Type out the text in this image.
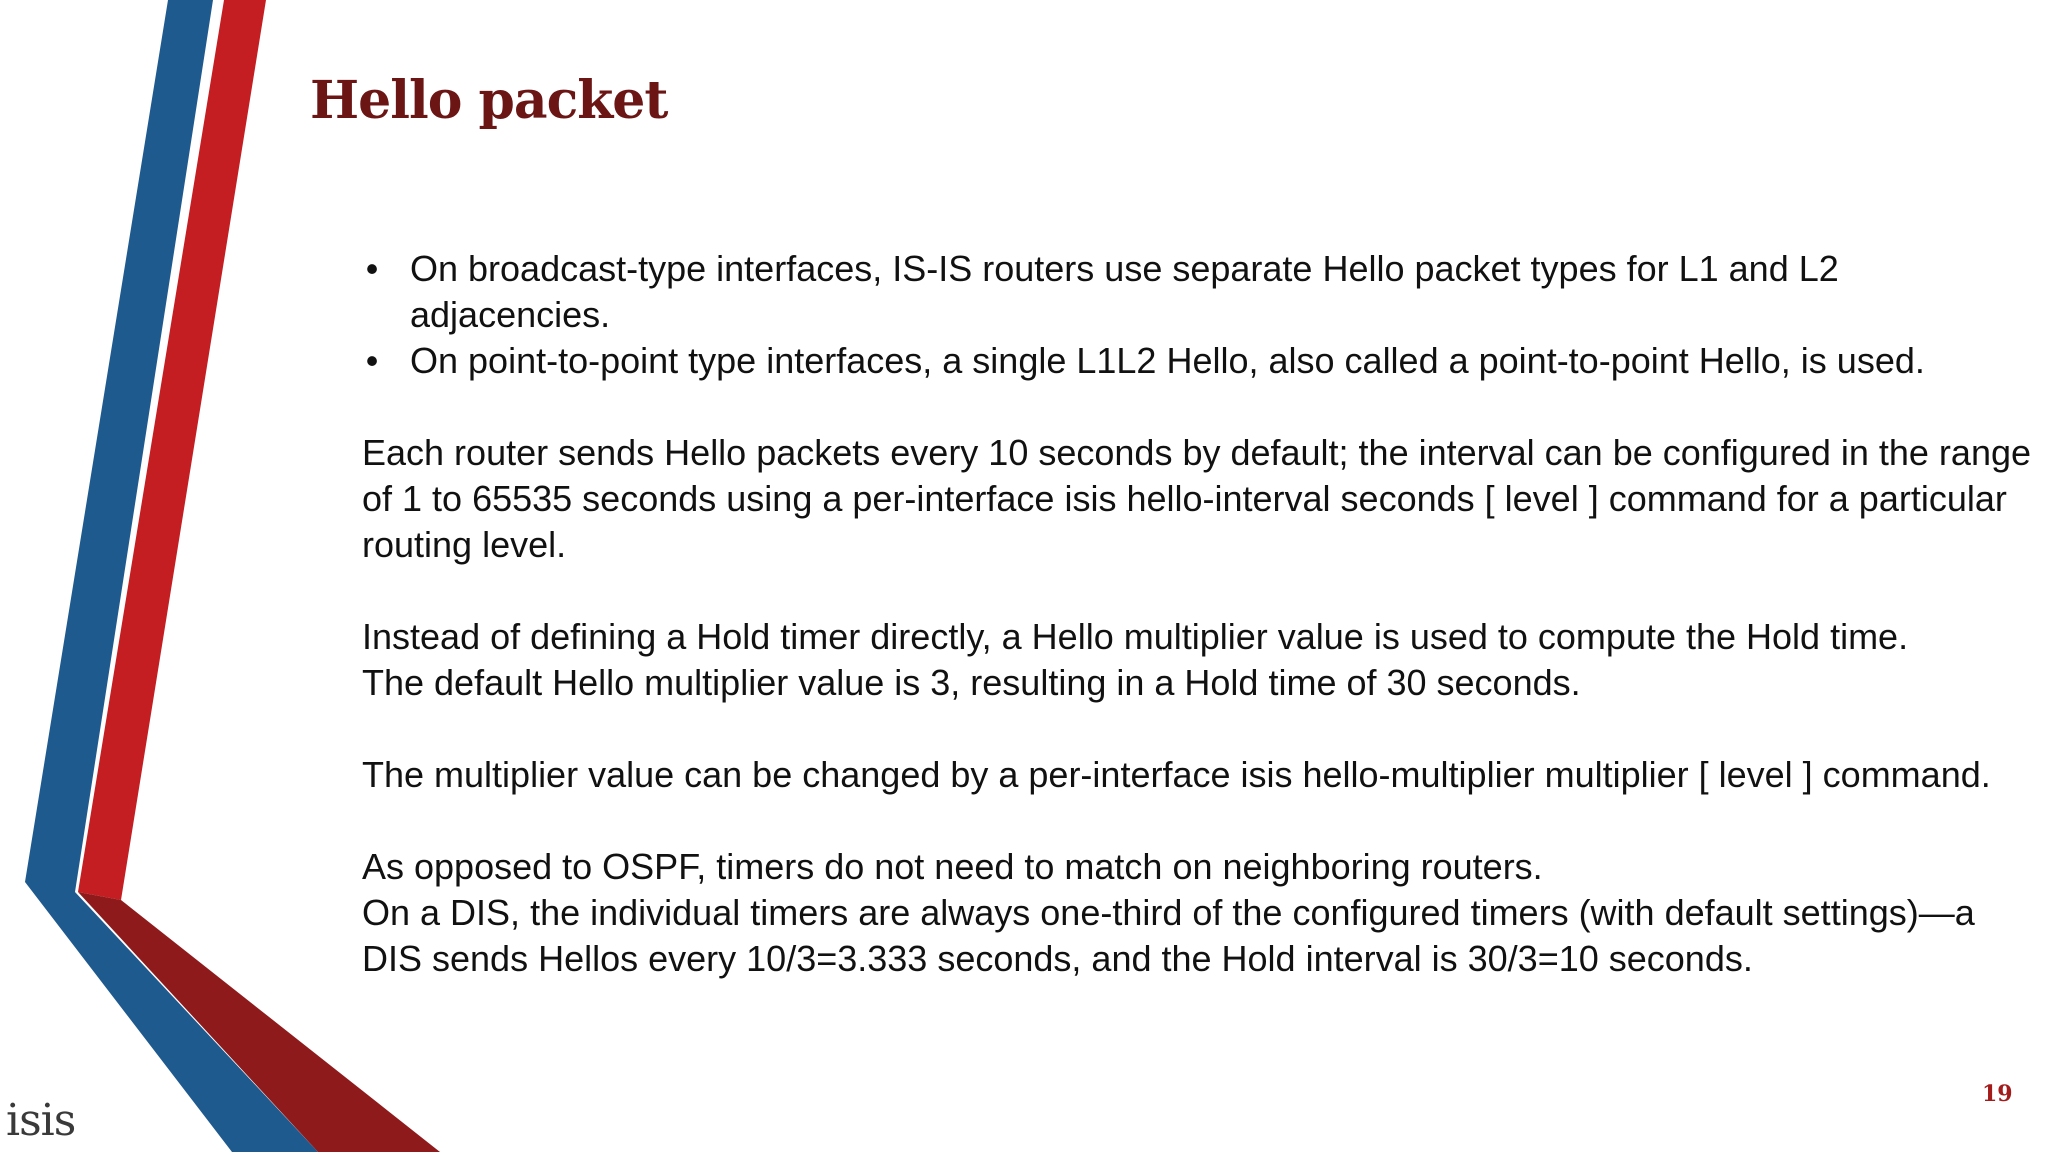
Hello packet
• On broadcast-type interfaces, IS-IS routers use separate Hello packet types for L1 and L2 adjacencies.
• On point-to-point type interfaces, a single L1L2 Hello, also called a point-to-point Hello, is used.

Each router sends Hello packets every 10 seconds by default; the interval can be configured in the range of 1 to 65535 seconds using a per-interface isis hello-interval seconds [ level ] command for a particular routing level.

Instead of defining a Hold timer directly, a Hello multiplier value is used to compute the Hold time.
The default Hello multiplier value is 3, resulting in a Hold time of 30 seconds.

The multiplier value can be changed by a per-interface isis hello-multiplier multiplier [ level ] command.

As opposed to OSPF, timers do not need to match on neighboring routers.
On a DIS, the individual timers are always one-third of the configured timers (with default settings)—a DIS sends Hellos every 10/3=3.333 seconds, and the Hold interval is 30/3=10 seconds.

isis
19
